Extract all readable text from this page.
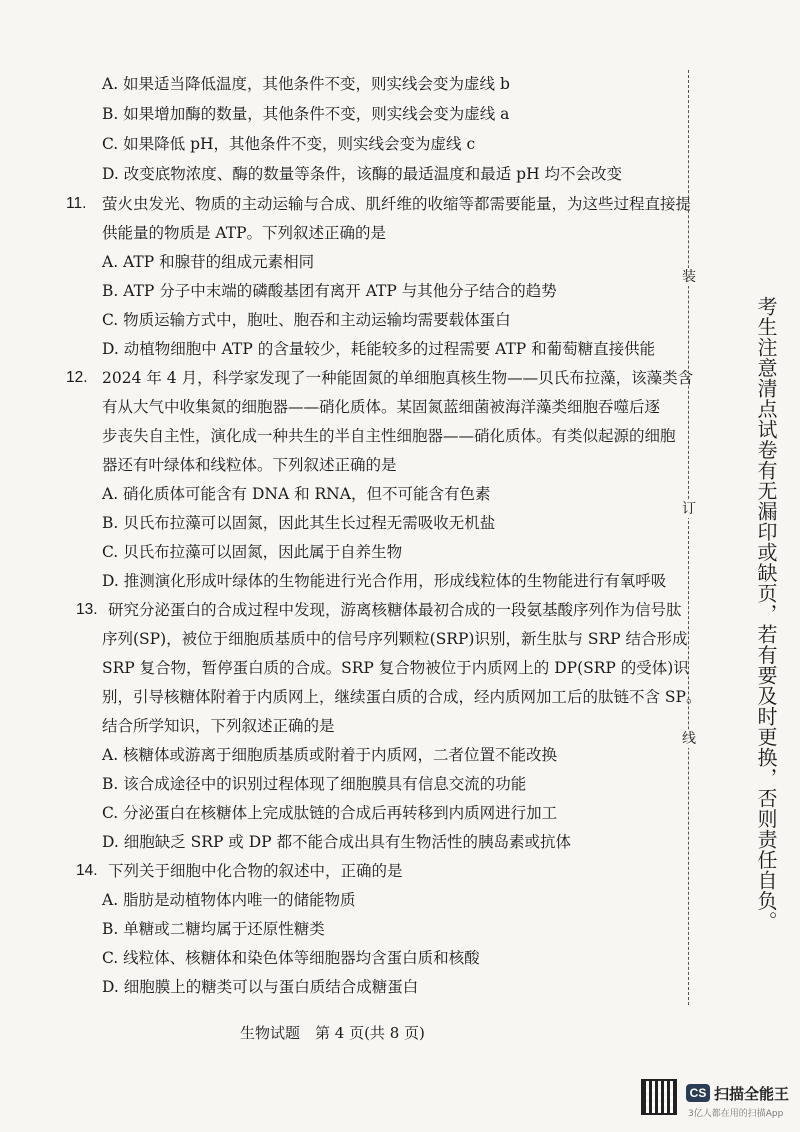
A. 如果适当降低温度，其他条件不变，则实线会变为虚线 b
B. 如果增加酶的数量，其他条件不变，则实线会变为虚线 a
C. 如果降低 pH，其他条件不变，则实线会变为虚线 c
D. 改变底物浓度、酶的数量等条件，该酶的最适温度和最适 pH 均不会改变
11. 萤火虫发光、物质的主动运输与合成、肌纤维的收缩等都需要能量，为这些过程直接提
供能量的物质是 ATP。下列叙述正确的是
A. ATP 和腺苷的组成元素相同
B. ATP 分子中末端的磷酸基团有离开 ATP 与其他分子结合的趋势
C. 物质运输方式中，胞吐、胞吞和主动运输均需要载体蛋白
D. 动植物细胞中 ATP 的含量较少，耗能较多的过程需要 ATP 和葡萄糖直接供能
12. 2024 年 4 月，科学家发现了一种能固氮的单细胞真核生物——贝氏布拉藻，该藻类含
有从大气中收集氮的细胞器——硝化质体。某固氮蓝细菌被海洋藻类细胞吞噬后逐
步丧失自主性，演化成一种共生的半自主性细胞器——硝化质体。有类似起源的细胞
器还有叶绿体和线粒体。下列叙述正确的是
A. 硝化质体可能含有 DNA 和 RNA，但不可能含有色素
B. 贝氏布拉藻可以固氮，因此其生长过程无需吸收无机盐
C. 贝氏布拉藻可以固氮，因此属于自养生物
D. 推测演化形成叶绿体的生物能进行光合作用，形成线粒体的生物能进行有氧呼吸
13. 研究分泌蛋白的合成过程中发现，游离核糖体最初合成的一段氨基酸序列作为信号肽
序列(SP)，被位于细胞质基质中的信号序列颗粒(SRP)识别，新生肽与 SRP 结合形成
SRP 复合物，暂停蛋白质的合成。SRP 复合物被位于内质网上的 DP(SRP 的受体)识
别，引导核糖体附着于内质网上，继续蛋白质的合成，经内质网加工后的肽链不含 SP。
结合所学知识，下列叙述正确的是
A. 核糖体或游离于细胞质基质或附着于内质网，二者位置不能改换
B. 该合成途径中的识别过程体现了细胞膜具有信息交流的功能
C. 分泌蛋白在核糖体上完成肽链的合成后再转移到内质网进行加工
D. 细胞缺乏 SRP 或 DP 都不能合成出具有生物活性的胰岛素或抗体
14. 下列关于细胞中化合物的叙述中，正确的是
A. 脂肪是动植物体内唯一的储能物质
B. 单糖或二糖均属于还原性糖类
C. 线粒体、核糖体和染色体等细胞器均含蛋白质和核酸
D. 细胞膜上的糖类可以与蛋白质结合成糖蛋白
装
订
线	考生注意清点试卷有无漏印或缺页，若有要及时更换，否则责任自负。
生物试题　第 4 页(共 8 页)
CS 扫描全能王
3亿人都在用的扫描App
